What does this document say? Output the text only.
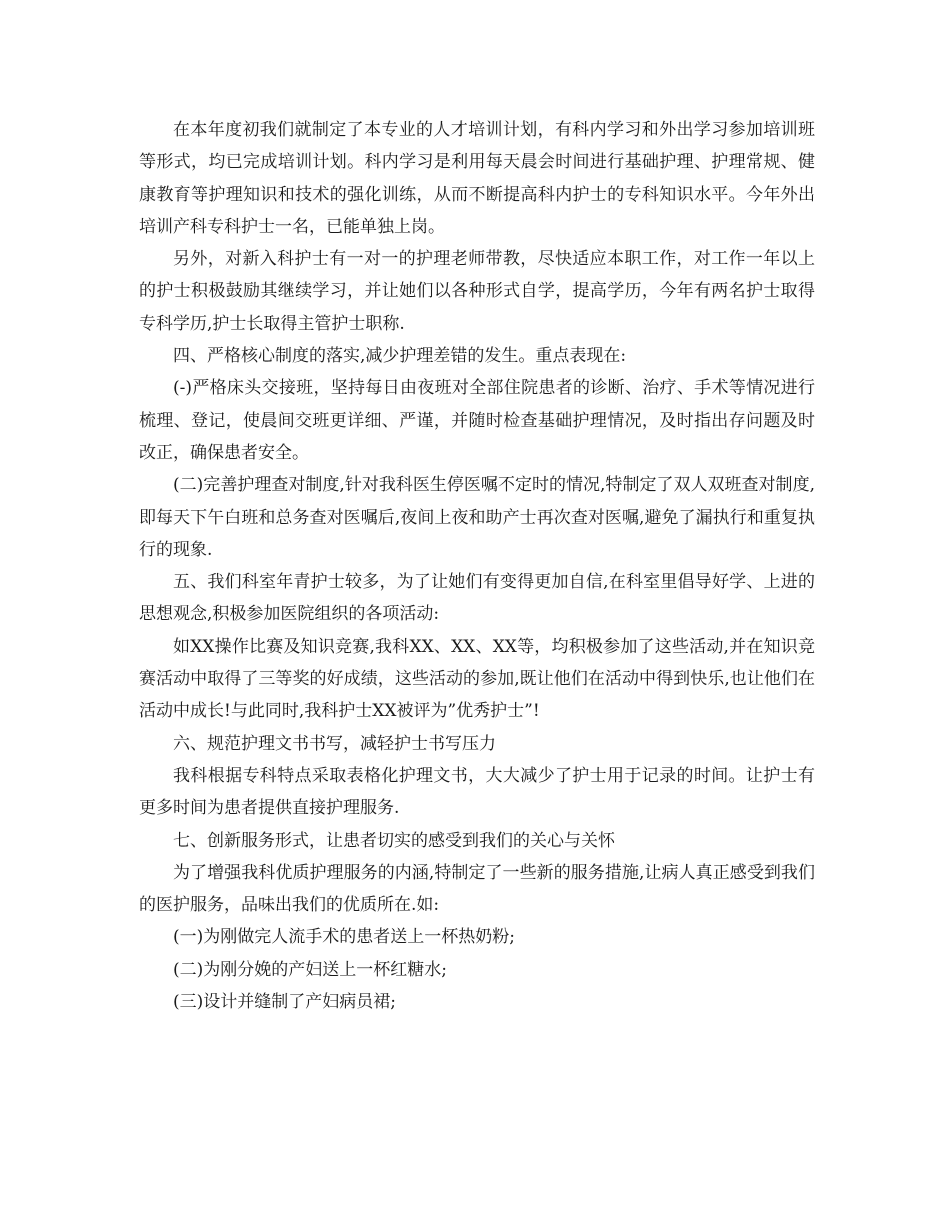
在本年度初我们就制定了本专业的人才培训计划，有科内学习和外出学习参加培训班等形式，均已完成培训计划。科内学习是利用每天晨会时间进行基础护理、护理常规、健康教育等护理知识和技术的强化训练，从而不断提高科内护士的专科知识水平。今年外出培训产科专科护士一名，已能单独上岗。

另外，对新入科护士有一对一的护理老师带教，尽快适应本职工作，对工作一年以上的护士积极鼓励其继续学习，并让她们以各种形式自学，提高学历，今年有两名护士取得专科学历,护士长取得主管护士职称.

四、严格核心制度的落实,减少护理差错的发生。重点表现在:

(-)严格床头交接班，坚持每日由夜班对全部住院患者的诊断、治疗、手术等情况进行梳理、登记，使晨间交班更详细、严谨，并随时检查基础护理情况，及时指出存问题及时改正，确保患者安全。

(二)完善护理查对制度,针对我科医生停医嘱不定时的情况,特制定了双人双班查对制度,即每天下午白班和总务查对医嘱后,夜间上夜和助产士再次查对医嘱,避免了漏执行和重复执行的现象.

五、我们科室年青护士较多，为了让她们有变得更加自信,在科室里倡导好学、上进的思想观念,积极参加医院组织的各项活动:

如XX操作比赛及知识竞赛,我科XX、XX、XX等，均积极参加了这些活动,并在知识竞赛活动中取得了三等奖的好成绩，这些活动的参加,既让他们在活动中得到快乐,也让他们在活动中成长!与此同时,我科护士XX被评为”优秀护士”!

六、规范护理文书书写，减轻护士书写压力

我科根据专科特点采取表格化护理文书，大大减少了护士用于记录的时间。让护士有更多时间为患者提供直接护理服务.

七、创新服务形式，让患者切实的感受到我们的关心与关怀

为了增强我科优质护理服务的内涵,特制定了一些新的服务措施,让病人真正感受到我们的医护服务，品味出我们的优质所在.如:

(一)为刚做完人流手术的患者送上一杯热奶粉;

(二)为刚分娩的产妇送上一杯红糖水;

(三)设计并缝制了产妇病员裙;
